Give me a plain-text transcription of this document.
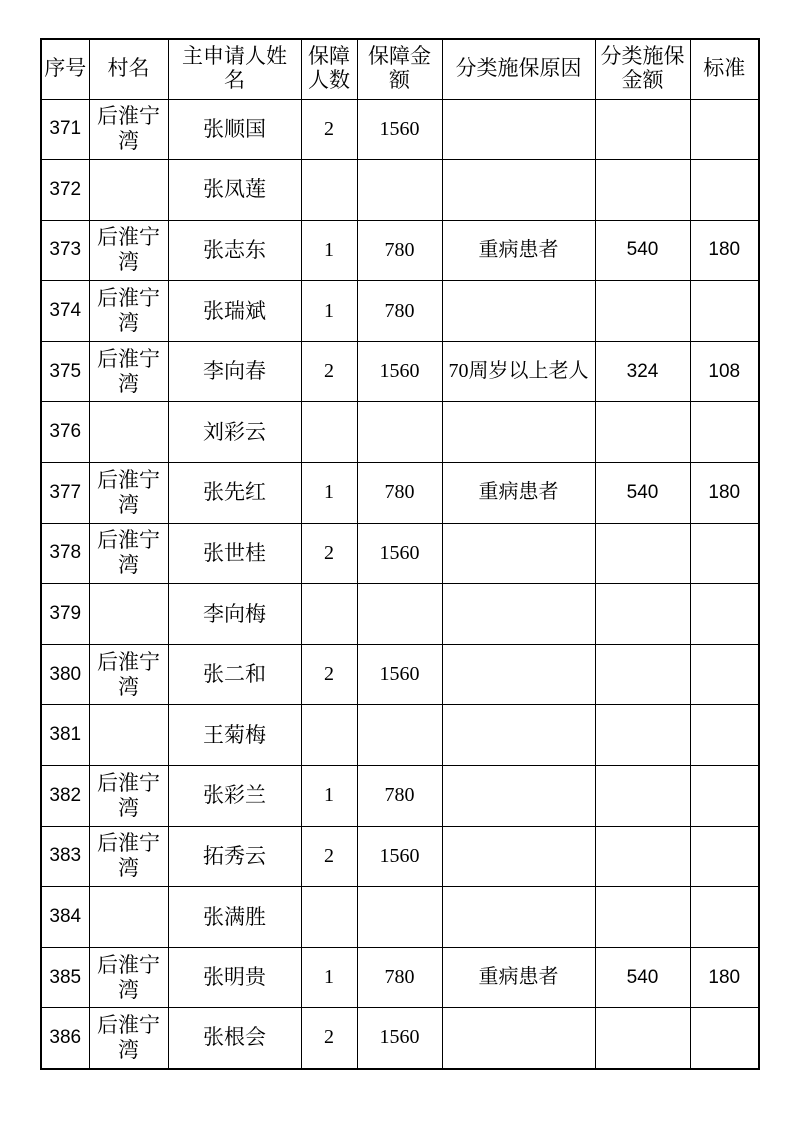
序号	村名	主申请人姓名	保障人数	保障金额	分类施保原因	分类施保金额	标准
371	后淮宁湾	张顺国	2	1560			
372		张凤莲					
373	后淮宁湾	张志东	1	780	重病患者	540	180
374	后淮宁湾	张瑞斌	1	780			
375	后淮宁湾	李向春	2	1560	70周岁以上老人	324	108
376		刘彩云					
377	后淮宁湾	张先红	1	780	重病患者	540	180
378	后淮宁湾	张世桂	2	1560			
379		李向梅					
380	后淮宁湾	张二和	2	1560			
381		王菊梅					
382	后淮宁湾	张彩兰	1	780			
383	后淮宁湾	拓秀云	2	1560			
384		张满胜					
385	后淮宁湾	张明贵	1	780	重病患者	540	180
386	后淮宁湾	张根会	2	1560			
